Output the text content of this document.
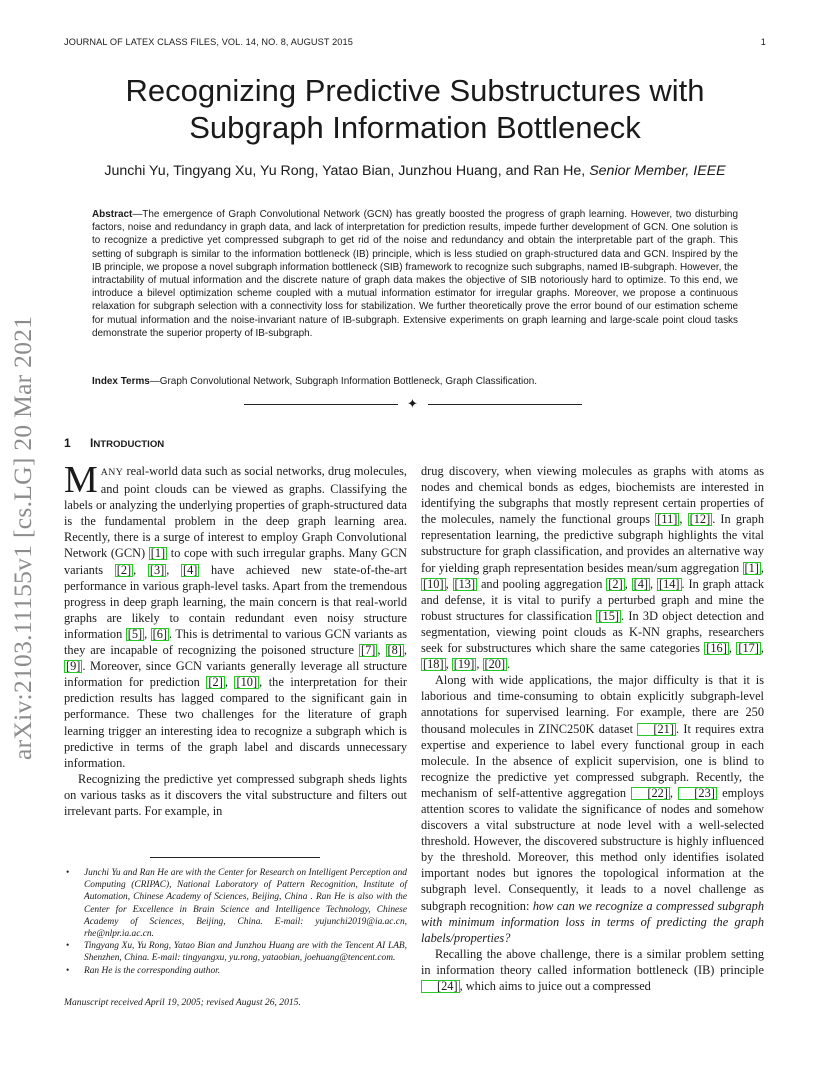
JOURNAL OF LATEX CLASS FILES, VOL. 14, NO. 8, AUGUST 2015	1
arXiv:2103.11155v1 [cs.LG] 20 Mar 2021
Recognizing Predictive Substructures with
Subgraph Information Bottleneck
Junchi Yu, Tingyang Xu, Yu Rong, Yatao Bian, Junzhou Huang, and Ran He, Senior Member, IEEE

Abstract—The emergence of Graph Convolutional Network (GCN) has greatly boosted the progress of graph learning. However, two disturbing factors, noise and redundancy in graph data, and lack of interpretation for prediction results, impede further development of GCN. One solution is to recognize a predictive yet compressed subgraph to get rid of the noise and redundancy and obtain the interpretable part of the graph. This setting of subgraph is similar to the information bottleneck (IB) principle, which is less studied on graph-structured data and GCN. Inspired by the IB principle, we propose a novel subgraph information bottleneck (SIB) framework to recognize such subgraphs, named IB-subgraph. However, the intractability of mutual information and the discrete nature of graph data makes the objective of SIB notoriously hard to optimize. To this end, we introduce a bilevel optimization scheme coupled with a mutual information estimator for irregular graphs. Moreover, we propose a continuous relaxation for subgraph selection with a connectivity loss for stabilization. We further theoretically prove the error bound of our estimation scheme for mutual information and the noise-invariant nature of IB-subgraph. Extensive experiments on graph learning and large-scale point cloud tasks demonstrate the superior property of IB-subgraph.

Index Terms—Graph Convolutional Network, Subgraph Information Bottleneck, Graph Classification.

✦
1 INTRODUCTION

MANY real-world data such as social networks, drug molecules, and point clouds can be viewed as graphs. Classifying the labels or analyzing the underlying properties of graph-structured data is the fundamental problem in the deep graph learning area. Recently, there is a surge of interest to employ Graph Convolutional Network (GCN) [1] to cope with such irregular graphs. Many GCN variants [2] , [3] , [4] have achieved new state-of-the-art performance in various graph-level tasks. Apart from the tremendous progress in deep graph learning, the main concern is that real-world graphs are likely to contain redundant even noisy structure information [5] , [6] . This is detrimental to various GCN variants as they are incapable of recognizing the poisoned structure [7] , [8] , [9] . Moreover, since GCN variants generally leverage all structure information for prediction [2] , [10] , the interpretation for their prediction results has lagged compared to the significant gain in performance. These two challenges for the literature of graph learning trigger an interesting idea to recognize a subgraph which is predictive in terms of the graph label and discards unnecessary information.

Recognizing the predictive yet compressed subgraph sheds lights on various tasks as it discovers the vital substructure and filters out irrelevant parts. For example, in

• Junchi Yu and Ran He are with the Center for Research on Intelligent Perception and Computing (CRIPAC), National Laboratory of Pattern Recognition, Institute of Automation, Chinese Academy of Sciences, Beijing, China . Ran He is also with the Center for Excellence in Brain Science and Intelligence Technology, Chinese Academy of Sciences, Beijing, China. E-mail: yujunchi2019@ia.ac.cn, rhe@nlpr.ia.ac.cn.
• Tingyang Xu, Yu Rong, Yatao Bian and Junzhou Huang are with the Tencent AI LAB, Shenzhen, China. E-mail: tingyangxu, yu.rong, yataobian, joehuang@tencent.com.
• Ran He is the corresponding author.
Manuscript received April 19, 2005; revised August 26, 2015.

drug discovery, when viewing molecules as graphs with atoms as nodes and chemical bonds as edges, biochemists are interested in identifying the subgraphs that mostly represent certain properties of the molecules, namely the functional groups [11] , [12] . In graph representation learning, the predictive subgraph highlights the vital substructure for graph classification, and provides an alternative way for yielding graph representation besides mean/sum aggregation [1] , [10] , [13] and pooling aggregation [2] , [4] , [14] . In graph attack and defense, it is vital to purify a perturbed graph and mine the robust structures for classification [15] . In 3D object detection and segmentation, viewing point clouds as K-NN graphs, researchers seek for substructures which share the same categories [16] , [17] , [18] , [19] , [20] .

Along with wide applications, the major difficulty is that it is laborious and time-consuming to obtain explicitly subgraph-level annotations for supervised learning. For example, there are 250 thousand molecules in ZINC250K dataset [21] . It requires extra expertise and experience to label every functional group in each molecule. In the absence of explicit supervision, one is blind to recognize the predictive yet compressed subgraph. Recently, the mechanism of self-attentive aggregation [22] , [23] employs attention scores to validate the significance of nodes and somehow discovers a vital substructure at node level with a well-selected threshold. However, the discovered substructure is highly influenced by the threshold. Moreover, this method only identifies isolated important nodes but ignores the topological information at the subgraph level. Consequently, it leads to a novel challenge as subgraph recognition: how can we recognize a compressed subgraph with minimum information loss in terms of predicting the graph labels/properties?

Recalling the above challenge, there is a similar problem setting in information theory called information bottleneck (IB) principle [24] , which aims to juice out a compressed
